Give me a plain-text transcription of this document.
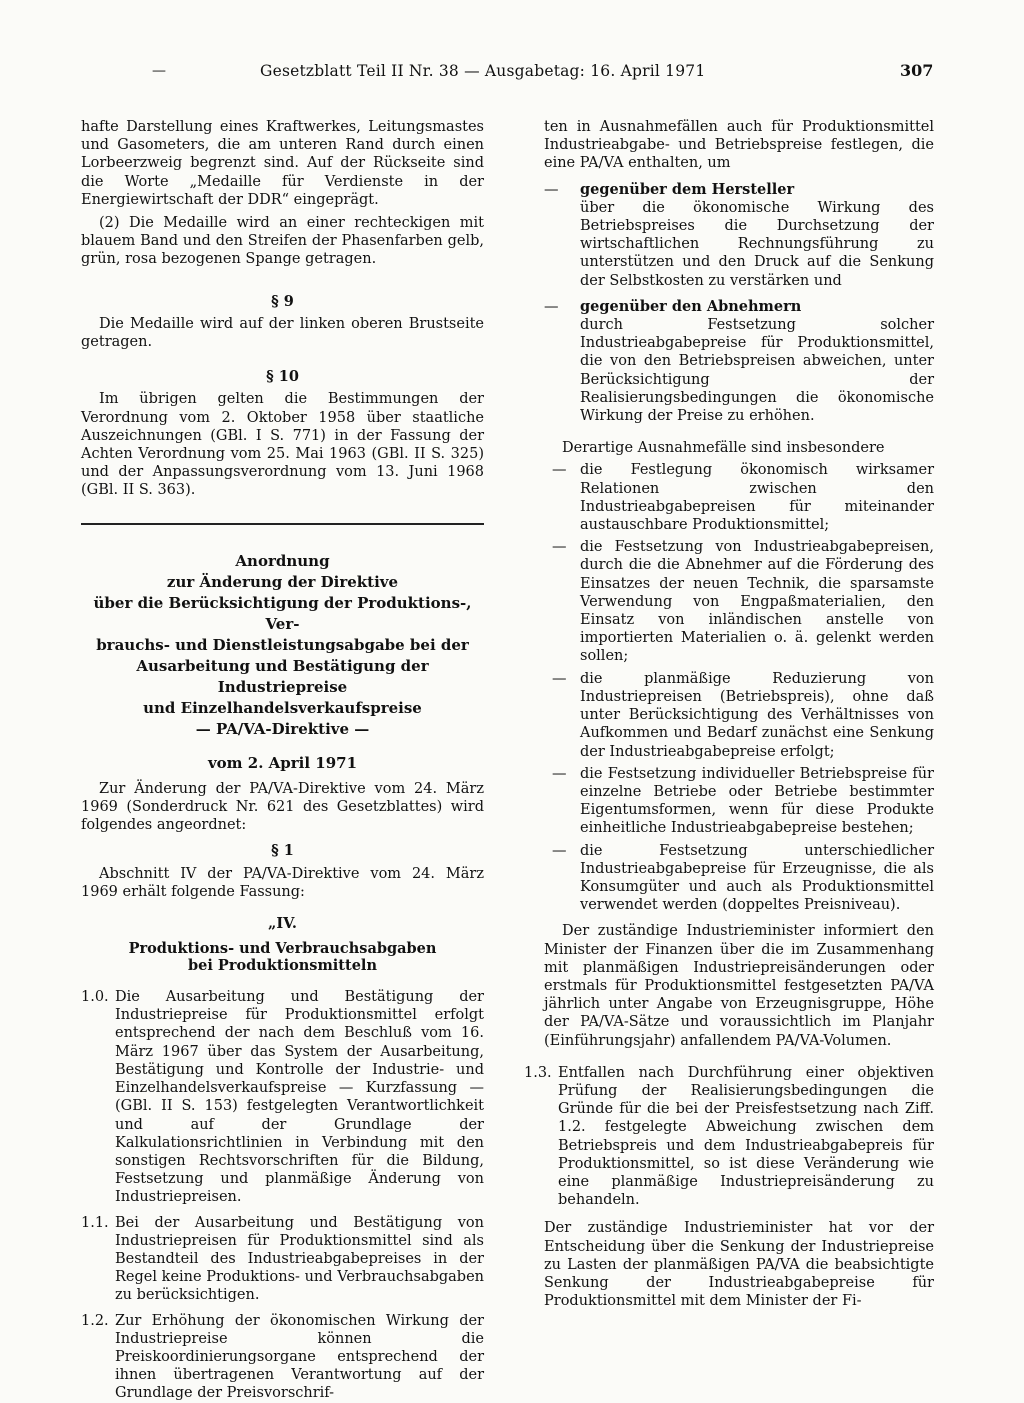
—	Gesetzblatt Teil II Nr. 38 — Ausgabetag: 16. April 1971	307

hafte Darstellung eines Kraftwerkes, Leitungsmastes und Gasometers, die am unteren Rand durch einen Lorbeerzweig begrenzt sind. Auf der Rückseite sind die Worte „Medaille für Verdienste in der Energiewirtschaft der DDR“ eingeprägt.

(2) Die Medaille wird an einer rechteckigen mit blauem Band und den Streifen der Phasenfarben gelb, grün, rosa bezogenen Spange getragen.

§ 9

Die Medaille wird auf der linken oberen Brustseite getragen.

§ 10

Im übrigen gelten die Bestimmungen der Verordnung vom 2. Oktober 1958 über staatliche Auszeichnungen (GBl. I S. 771) in der Fassung der Achten Verordnung vom 25. Mai 1963 (GBl. II S. 325) und der Anpassungsverordnung vom 13. Juni 1968 (GBl. II S. 363).

Anordnung
zur Änderung der Direktive
über die Berücksichtigung der Produktions-, Ver-
brauchs- und Dienstleistungsabgabe bei der
Ausarbeitung und Bestätigung der Industriepreise
und Einzelhandelsverkaufspreise
— PA/VA-Direktive —
vom 2. April 1971

Zur Änderung der PA/VA-Direktive vom 24. März 1969 (Sonderdruck Nr. 621 des Gesetzblattes) wird folgendes angeordnet:

§ 1

Abschnitt IV der PA/VA-Direktive vom 24. März 1969 erhält folgende Fassung:

„IV.
Produktions- und Verbrauchsabgaben
bei Produktionsmitteln
1.0. Die Ausarbeitung und Bestätigung der Industriepreise für Produktionsmittel erfolgt entsprechend der nach dem Beschluß vom 16. März 1967 über das System der Ausarbeitung, Bestätigung und Kontrolle der Industrie- und Einzelhandelsverkaufspreise — Kurzfassung — (GBl. II S. 153) festgelegten Verantwortlichkeit und auf der Grundlage der Kalkulationsrichtlinien in Verbindung mit den sonstigen Rechtsvorschriften für die Bildung, Festsetzung und planmäßige Änderung von Industriepreisen.
1.1. Bei der Ausarbeitung und Bestätigung von Industriepreisen für Produktionsmittel sind als Bestandteil des Industrieabgabepreises in der Regel keine Produktions- und Verbrauchsabgaben zu berücksichtigen.
1.2. Zur Erhöhung der ökonomischen Wirkung der Industriepreise können die Preiskoordinierungsorgane entsprechend der ihnen übertragenen Verantwortung auf der Grundlage der Preisvorschrif-

ten in Ausnahmefällen auch für Produktionsmittel Industrieabgabe- und Betriebspreise festlegen, die eine PA/VA enthalten, um

—	gegenüber dem Hersteller

über die ökonomische Wirkung des Betriebspreises die Durchsetzung der wirtschaftlichen Rechnungsführung zu unterstützen und den Druck auf die Senkung der Selbstkosten zu verstärken und

—	gegenüber den Abnehmern

durch Festsetzung solcher Industrieabgabepreise für Produktionsmittel, die von den Betriebspreisen abweichen, unter Berücksichtigung der Realisierungsbedingungen die ökonomische Wirkung der Preise zu erhöhen.

Derartige Ausnahmefälle sind insbesondere

— die Festlegung ökonomisch wirksamer Relationen zwischen den Industrieabgabepreisen für miteinander austauschbare Produktionsmittel;
— die Festsetzung von Industrieabgabepreisen, durch die die Abnehmer auf die Förderung des Einsatzes der neuen Technik, die sparsamste Verwendung von Engpaßmaterialien, den Einsatz von inländischen anstelle von importierten Materialien o. ä. gelenkt werden sollen;
— die planmäßige Reduzierung von Industriepreisen (Betriebspreis), ohne daß unter Berücksichtigung des Verhältnisses von Aufkommen und Bedarf zunächst eine Senkung der Industrieabgabepreise erfolgt;
— die Festsetzung individueller Betriebspreise für einzelne Betriebe oder Betriebe bestimmter Eigentumsformen, wenn für diese Produkte einheitliche Industrieabgabepreise bestehen;
— die Festsetzung unterschiedlicher Industrieabgabepreise für Erzeugnisse, die als Konsumgüter und auch als Produktionsmittel verwendet werden (doppeltes Preisniveau).

Der zuständige Industrieminister informiert den Minister der Finanzen über die im Zusammenhang mit planmäßigen Industriepreisänderungen oder erstmals für Produktionsmittel festgesetzten PA/VA jährlich unter Angabe von Erzeugnisgruppe, Höhe der PA/VA-Sätze und voraussichtlich im Planjahr (Einführungsjahr) anfallendem PA/VA-Volumen.

1.3. Entfallen nach Durchführung einer objektiven Prüfung der Realisierungsbedingungen die Gründe für die bei der Preisfestsetzung nach Ziff. 1.2. festgelegte Abweichung zwischen dem Betriebspreis und dem Industrieabgabepreis für Produktionsmittel, so ist diese Veränderung wie eine planmäßige Industriepreisänderung zu behandeln.

Der zuständige Industrieminister hat vor der Entscheidung über die Senkung der Industriepreise zu Lasten der planmäßigen PA/VA die beabsichtigte Senkung der Industrieabgabepreise für Produktionsmittel mit dem Minister der Fi-
